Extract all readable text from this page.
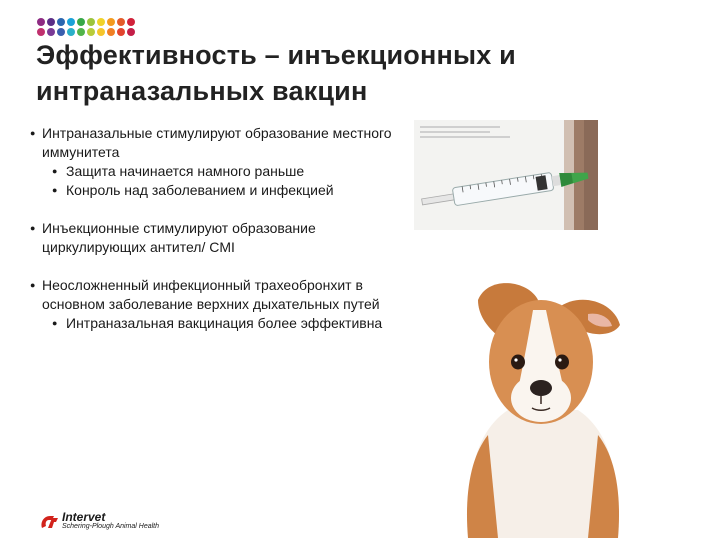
Эффективность – инъекционных и
интраназальных вакцин
● Интраназальные стимулируют образование местного иммунитета
● Защита начинается намного раньше
● Конроль над заболеванием и инфекцией
● Инъекционные стимулируют образование циркулирующих антител/ CMI
● Неосложненный инфекционный трахеобронхит в основном заболевание верхних дыхательных путей
● Интраназальная вакцинация более эффективна
Intervet
Schering-Plough Animal Health
